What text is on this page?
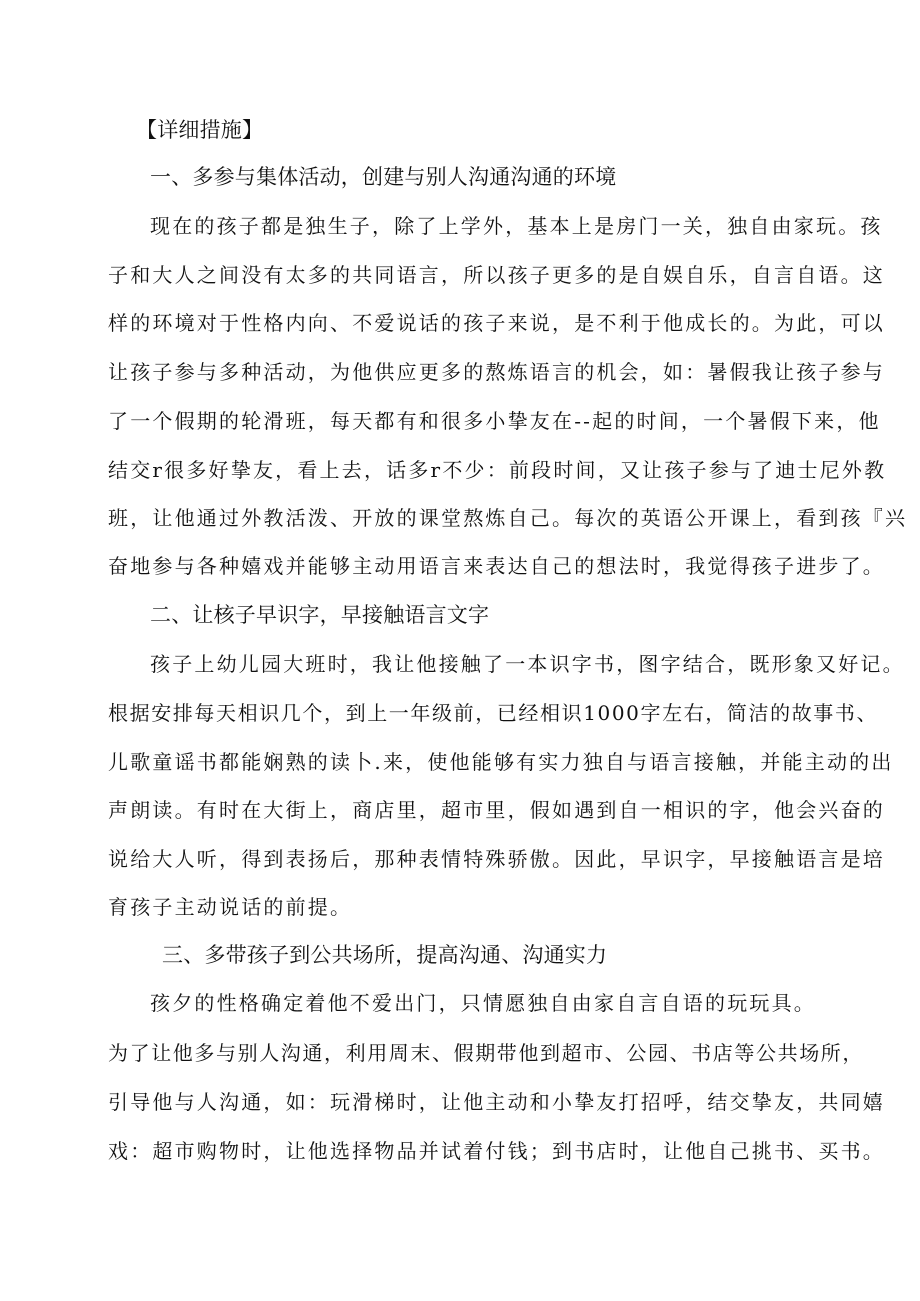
【详细措施】
一、多参与集体活动，创建与别人沟通沟通的环境
现在的孩子都是独生子，除了上学外，基本上是房门一关，独自由家玩。孩
子和大人之间没有太多的共同语言，所以孩子更多的是自娱自乐，自言自语。这
样的环境对于性格内向、不爱说话的孩子来说，是不利于他成长的。为此，可以
让孩子参与多种活动，为他供应更多的熬炼语言的机会，如：暑假我让孩子参与
了一个假期的轮滑班，每天都有和很多小挚友在--起的时间，一个暑假下来，他
结交r很多好挚友，看上去，话多r不少：前段时间，又让孩子参与了迪士尼外教
班，让他通过外教活泼、开放的课堂熬炼自己。每次的英语公开课上，看到孩『兴
奋地参与各种嬉戏并能够主动用语言来表达自己的想法时，我觉得孩子进步了。
二、让核子早识字，早接触语言文字
孩子上幼儿园大班时，我让他接触了一本识字书，图字结合，既形象又好记。
根据安排每天相识几个，到上一年级前，已经相识1000字左右，简洁的故事书、
儿歌童谣书都能娴熟的读卜.来，使他能够有实力独自与语言接触，并能主动的出
声朗读。有时在大街上，商店里，超市里，假如遇到自一相识的字，他会兴奋的
说给大人听，得到表扬后，那种表情特殊骄傲。因此，早识字，早接触语言是培
育孩子主动说话的前提。
三、多带孩子到公共场所，提高沟通、沟通实力
孩夕的性格确定着他不爱出门，只情愿独自由家自言自语的玩玩具。
为了让他多与别人沟通，利用周末、假期带他到超市、公园、书店等公共场所，
引导他与人沟通，如：玩滑梯时，让他主动和小挚友打招呼，结交挚友，共同嬉
戏：超市购物时，让他选择物品并试着付钱；到书店时，让他自己挑书、买书。
